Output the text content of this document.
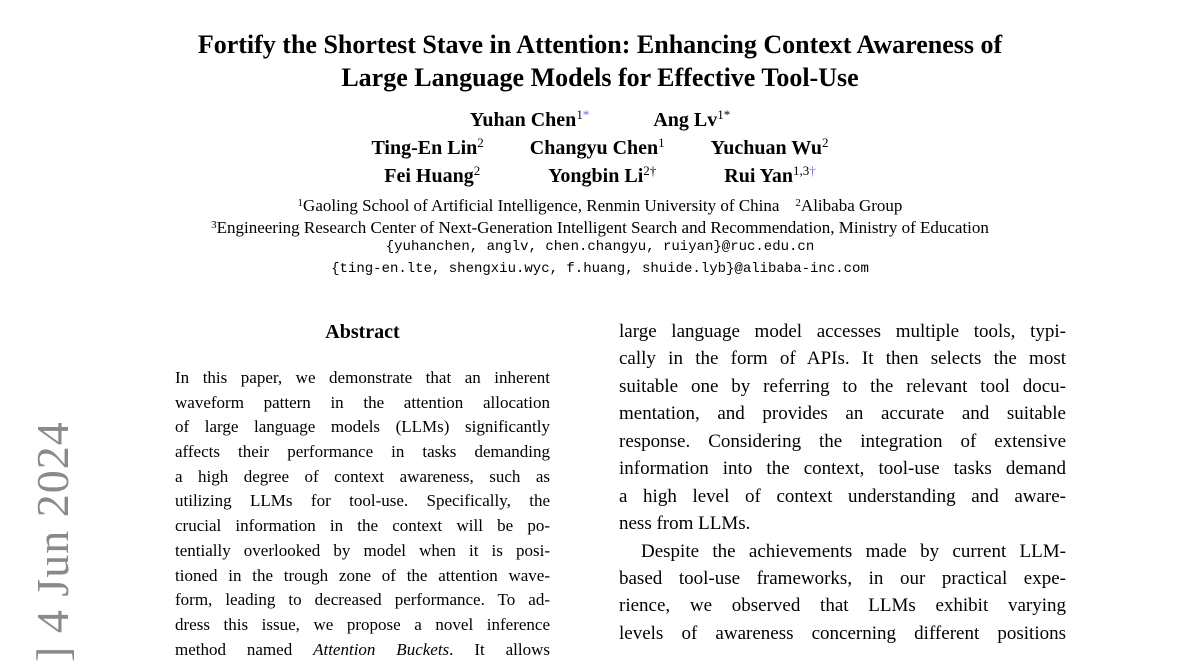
] 4 Jun 2024
Fortify the Shortest Stave in Attention: Enhancing Context Awareness of
Large Language Models for Effective Tool-Use
Yuhan Chen$^{1*}$	Ang $Lv^{1*}$
Ting-En Lin$^2$ Changyu Chen$^1$ Yuchuan Wu$^2$
Fei Huang$^2$	Yongbin $Li^{2\dagger}$	Rui Yan$^{1,3\dagger}$
$^1$Gaoling School of Artificial Intelligence, Renmin University of China $^2$Alibaba Group
$^3$Engineering Research Center of Next-Generation Intelligent Search and Recommendation, Ministry of Education
{yuhanchen, anglv, chen.changyu, ruiyan}@ruc.edu.cn
{ting-en.lte, shengxiu.wyc, f.huang, shuide.lyb}@alibaba-inc.com
Abstract
In this paper, we demonstrate that an inherent
waveform pattern in the attention allocation
of large language models (LLMs) significantly
affects their performance in tasks demanding
a high degree of context awareness, such as
utilizing LLMs for tool-use. Specifically, the
crucial information in the context will be po-
tentially overlooked by model when it is posi-
tioned in the trough zone of the attention wave-
form, leading to decreased performance. To ad-
dress this issue, we propose a novel inference
method named Attention Buckets. It allows
large language model accesses multiple tools, typi-
cally in the form of APIs. It then selects the most
suitable one by referring to the relevant tool docu-
mentation, and provides an accurate and suitable
response. Considering the integration of extensive
information into the context, tool-use tasks demand
a high level of context understanding and aware-
ness from LLMs.
Despite the achievements made by current LLM-
based tool-use frameworks, in our practical expe-
rience, we observed that LLMs exhibit varying
levels of awareness concerning different positions
